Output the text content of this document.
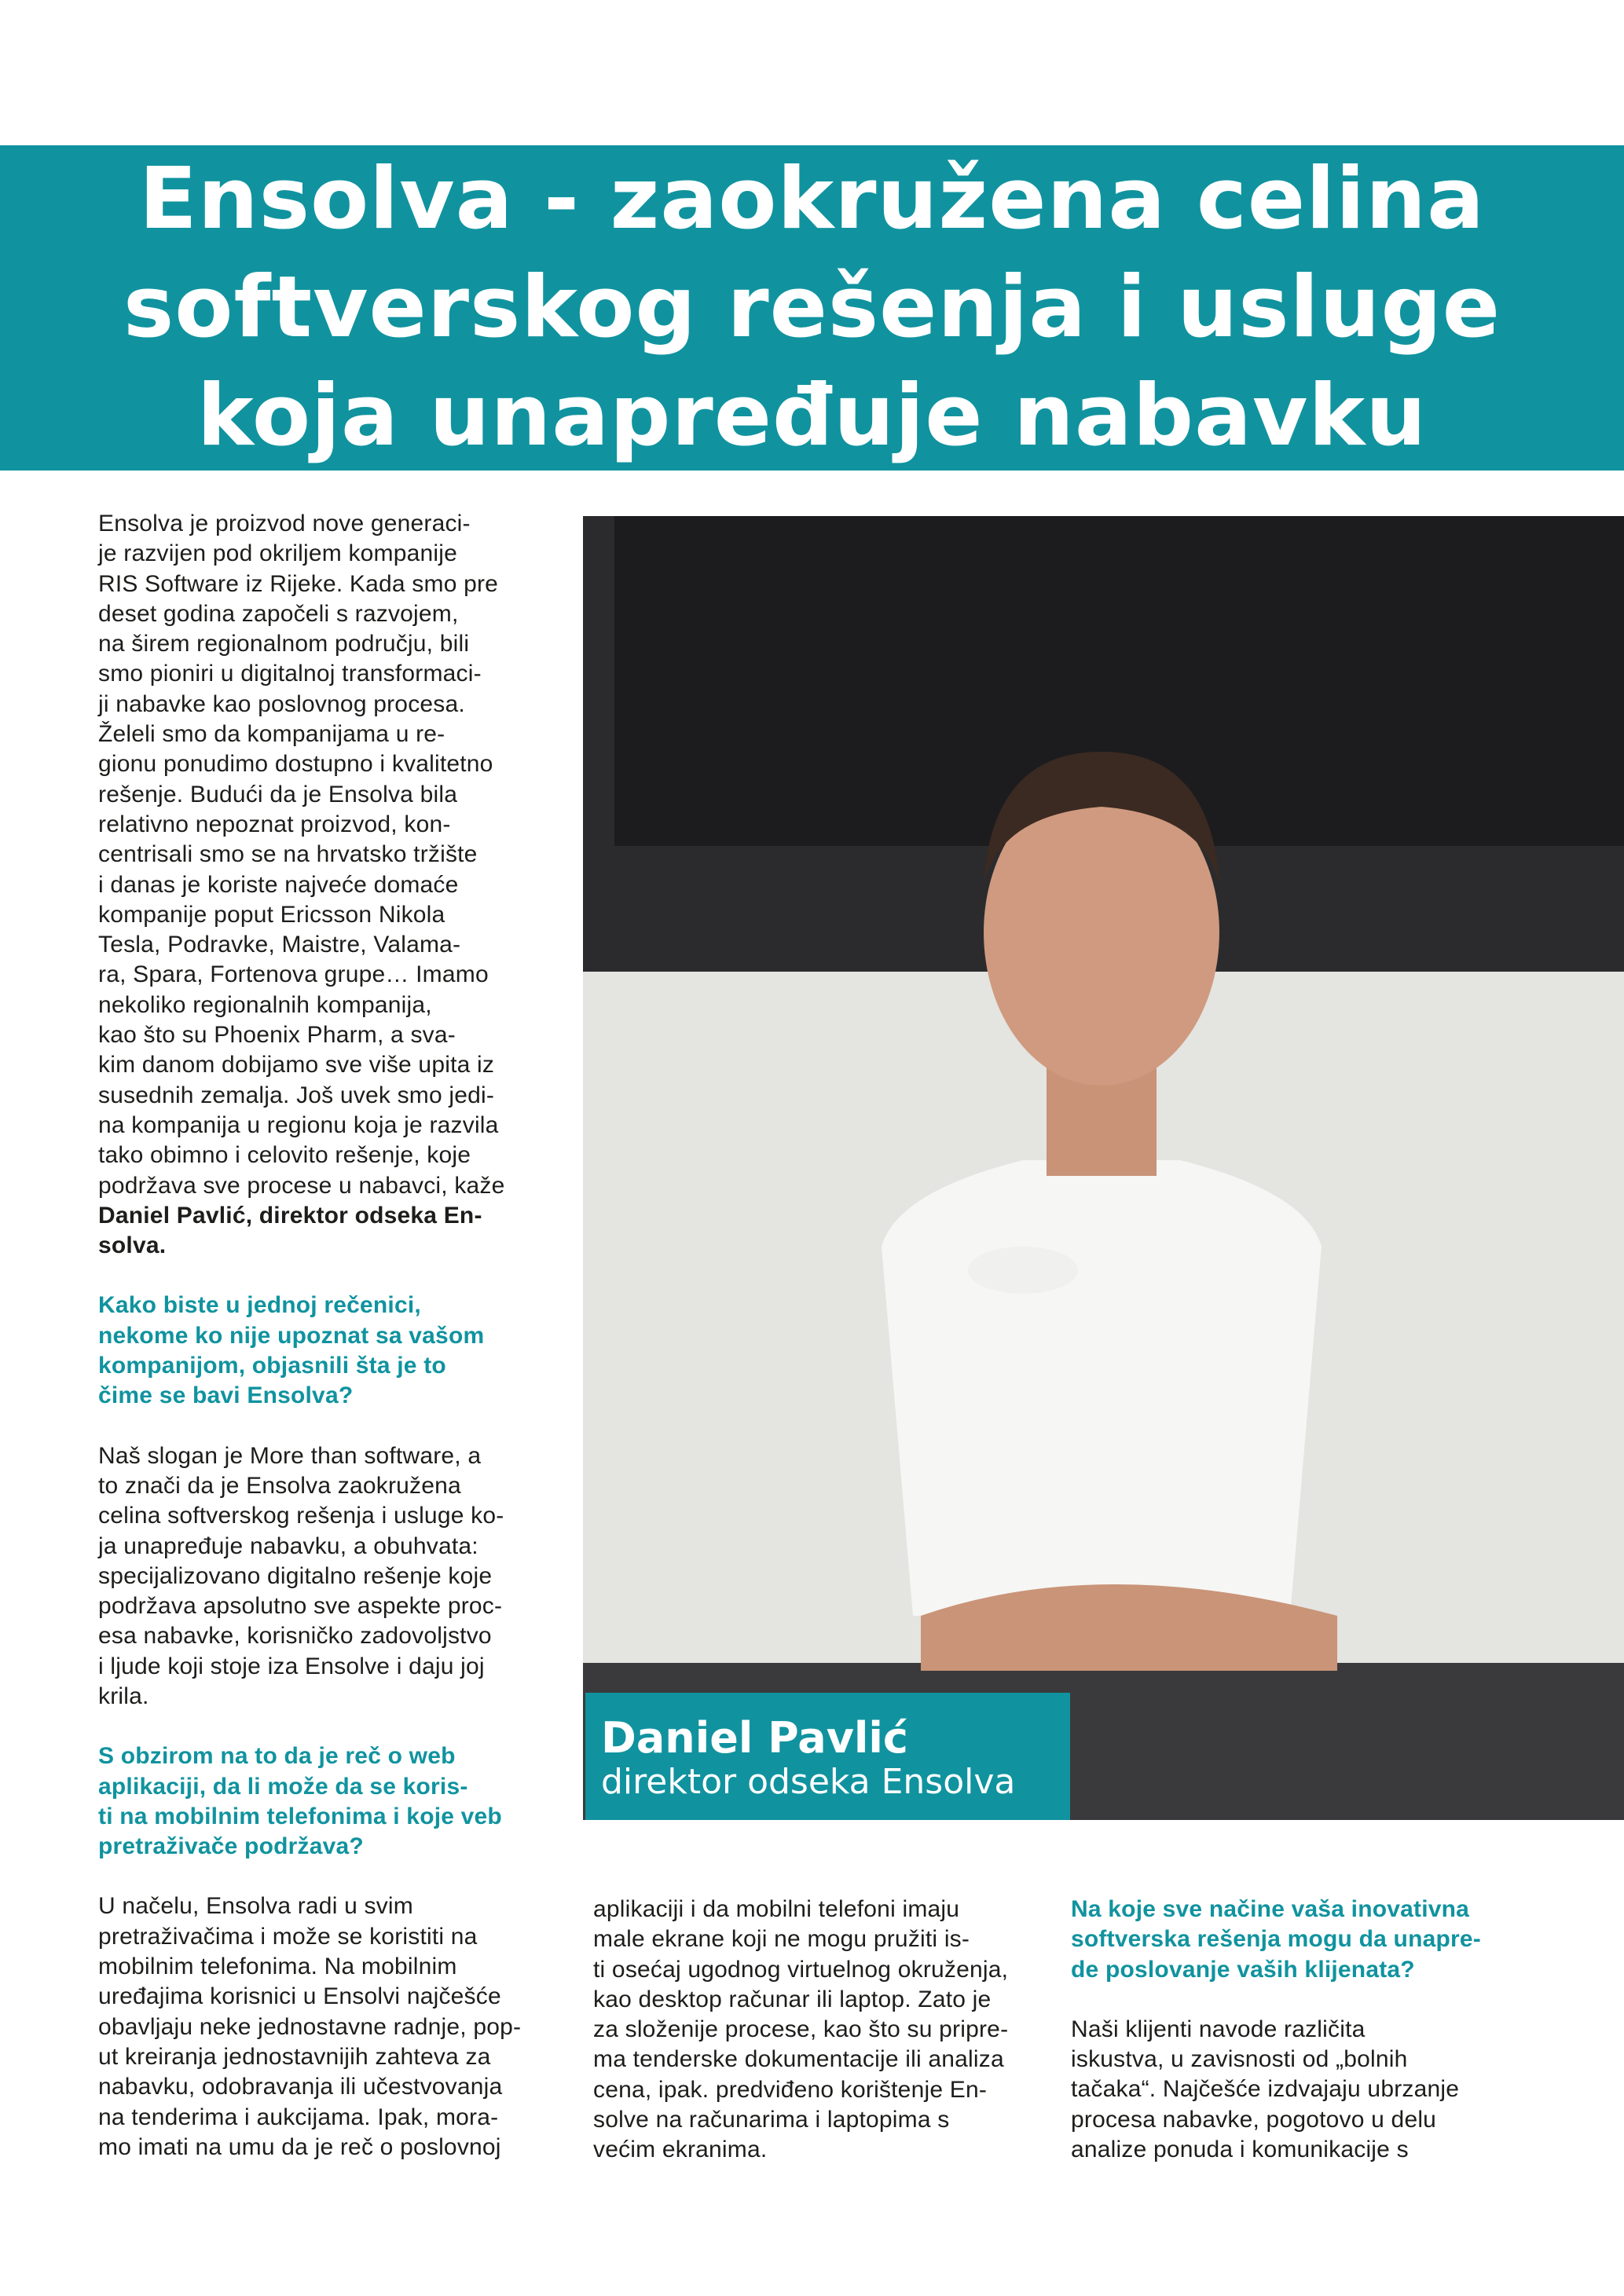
Ensolva - zaokružena celina
softverskog rešenja i usluge
koja unapređuje nabavku

Ensolva je proizvod nove generaci-

je razvijen pod okriljem kompanije

RIS Software iz Rijeke. Kada smo pre

deset godina započeli s razvojem,

na širem regionalnom području, bili

smo pioniri u digitalnoj transformaci-

ji nabavke kao poslovnog procesa.

Želeli smo da kompanijama u re-

gionu ponudimo dostupno i kvalitetno

rešenje. Budući da je Ensolva bila

relativno nepoznat proizvod, kon-

centrisali smo se na hrvatsko tržište

i danas je koriste najveće domaće

kompanije poput Ericsson Nikola

Tesla, Podravke, Maistre, Valama-

ra, Spara, Fortenova grupe… Imamo

nekoliko regionalnih kompanija,

kao što su Phoenix Pharm, a sva-

kim danom dobijamo sve više upita iz

susednih zemalja. Još uvek smo jedi-

na kompanija u regionu koja je razvila

tako obimno i celovito rešenje, koje

podržava sve procese u nabavci, kaže

Daniel Pavlić, direktor odseka En-

solva.

Kako biste u jednoj rečenici,

nekome ko nije upoznat sa vašom

kompanijom, objasnili šta je to

čime se bavi Ensolva?

Naš slogan je More than software, a

to znači da je Ensolva zaokružena

celina softverskog rešenja i usluge ko-

ja unapređuje nabavku, a obuhvata:

specijalizovano digitalno rešenje koje

podržava apsolutno sve aspekte proc-

esa nabavke, korisničko zadovoljstvo

i ljude koji stoje iza Ensolve i daju joj

krila.

S obzirom na to da je reč o web

aplikaciji, da li može da se koris-

ti na mobilnim telefonima i koje veb

pretraživače podržava?

U načelu, Ensolva radi u svim

pretraživačima i može se koristiti na

mobilnim telefonima. Na mobilnim

uređajima korisnici u Ensolvi najčešće

obavljaju neke jednostavne radnje, pop-

ut kreiranja jednostavnijih zahteva za

nabavku, odobravanja ili učestvovanja

na tenderima i aukcijama. Ipak, mora-

mo imati na umu da je reč o poslovnoj

Daniel Pavlić
direktor odseka Ensolva

aplikaciji i da mobilni telefoni imaju

male ekrane koji ne mogu pružiti is-

ti osećaj ugodnog virtuelnog okruženja,

kao desktop računar ili laptop. Zato je

za složenije procese, kao što su pripre-

ma tenderske dokumentacije ili analiza

cena, ipak. predviđeno korištenje En-

solve na računarima i laptopima s

većim ekranima.

Na koje sve načine vaša inovativna

softverska rešenja mogu da unapre-

de poslovanje vaših klijenata?

Naši klijenti navode različita

iskustva, u zavisnosti od „bolnih

tačaka“. Najčešće izdvajaju ubrzanje

procesa nabavke, pogotovo u delu

analize ponuda i komunikacije s
